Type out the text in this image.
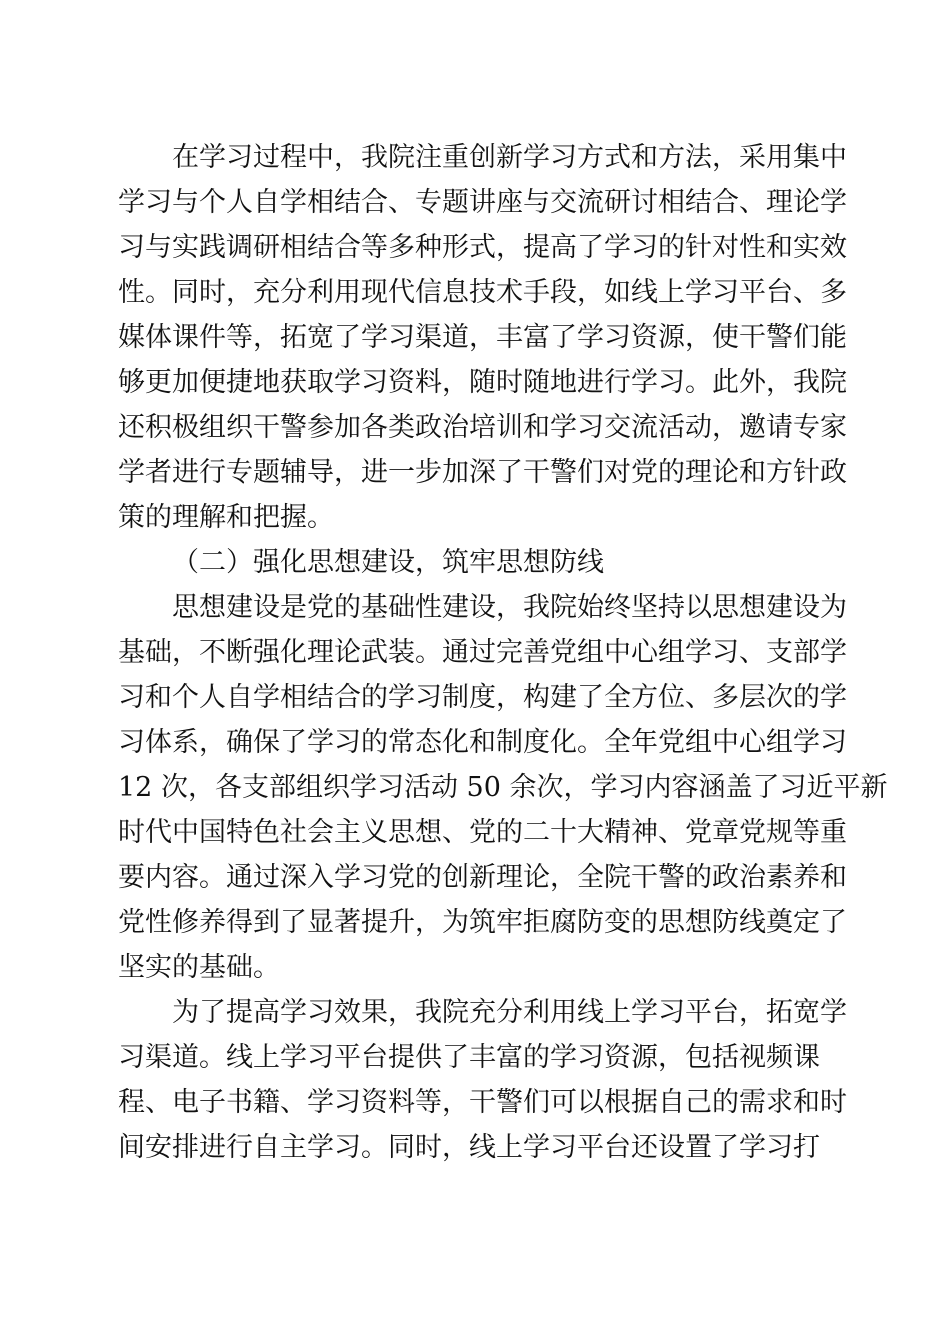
在学习过程中，我院注重创新学习方式和方法，采用集中
学习与个人自学相结合、专题讲座与交流研讨相结合、理论学
习与实践调研相结合等多种形式，提高了学习的针对性和实效
性。同时，充分利用现代信息技术手段，如线上学习平台、多
媒体课件等，拓宽了学习渠道，丰富了学习资源，使干警们能
够更加便捷地获取学习资料，随时随地进行学习。此外，我院
还积极组织干警参加各类政治培训和学习交流活动，邀请专家
学者进行专题辅导，进一步加深了干警们对党的理论和方针政
策的理解和把握。
（二）强化思想建设，筑牢思想防线
思想建设是党的基础性建设，我院始终坚持以思想建设为
基础，不断强化理论武装。通过完善党组中心组学习、支部学
习和个人自学相结合的学习制度，构建了全方位、多层次的学
习体系，确保了学习的常态化和制度化。全年党组中心组学习
12 次，各支部组织学习活动 50 余次，学习内容涵盖了习近平新
时代中国特色社会主义思想、党的二十大精神、党章党规等重
要内容。通过深入学习党的创新理论，全院干警的政治素养和
党性修养得到了显著提升，为筑牢拒腐防变的思想防线奠定了
坚实的基础。
为了提高学习效果，我院充分利用线上学习平台，拓宽学
习渠道。线上学习平台提供了丰富的学习资源，包括视频课
程、电子书籍、学习资料等，干警们可以根据自己的需求和时
间安排进行自主学习。同时，线上学习平台还设置了学习打
